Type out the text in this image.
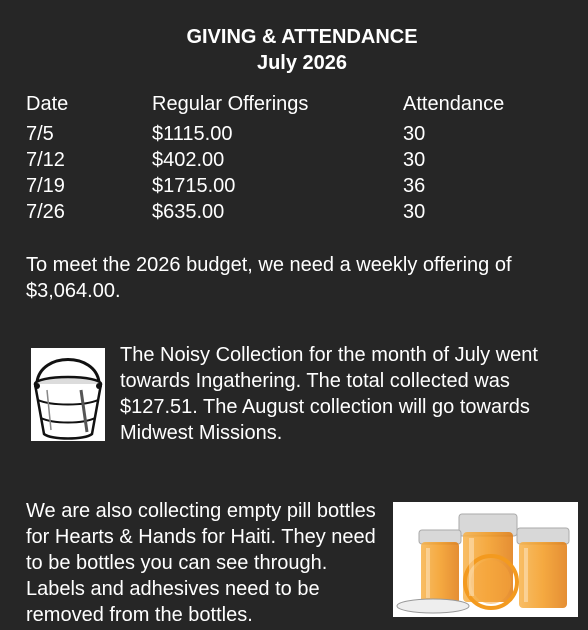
GIVING & ATTENDANCE
July 2026
Date	Regular Offerings	Attendance
7/5	$1115.00	30
7/12	$402.00	30
7/19	$1715.00	36
7/26	$635.00	30

To meet the 2026 budget, we need a weekly offering of $3,064.00.

The Noisy Collection for the month of July went towards Ingathering. The total collected was $127.51. The August collection will go towards Midwest Missions.

We are also collecting empty pill bottles for Hearts & Hands for Haiti. They need to be bottles you can see through. Labels and adhesives need to be removed from the bottles.
